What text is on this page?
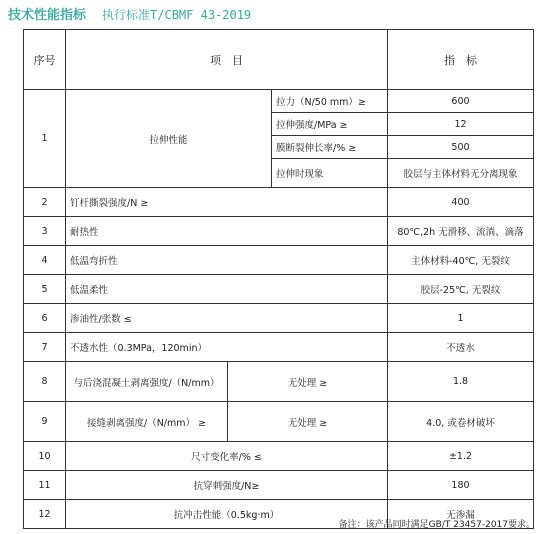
技术性能指标 执行标准T/CBMF 43-2019
序号	项　目			指　标
1	拉伸性能		拉力（N/50 mm）≥	600
			拉伸强度/MPa ≥	12
			膜断裂伸长率/% ≥	500
			拉伸时现象	胶层与主体材料无分离现象
2	钉杆撕裂强度/N ≥			400
3	耐热性			80℃,2h 无滑移、流淌、滴落
4	低温弯折性			主体材料-40℃, 无裂纹
5	低温柔性			胶层-25℃, 无裂纹
6	渗油性/张数 ≤			1
7	不透水性（0.3MPa，120min）			不透水
8	与后浇混凝土剥离强度/（N/mm）	无处理 ≥		1.8
9	接缝剥离强度/（N/mm） ≥	无处理 ≥		4.0, 或卷材破坏
10	尺寸变化率/% ≤			±1.2
11	抗穿刺强度/N≥			180
12	抗冲击性能（0.5kg·m）			无渗漏
备注：该产品同时满足GB/T 23457-2017要求。
